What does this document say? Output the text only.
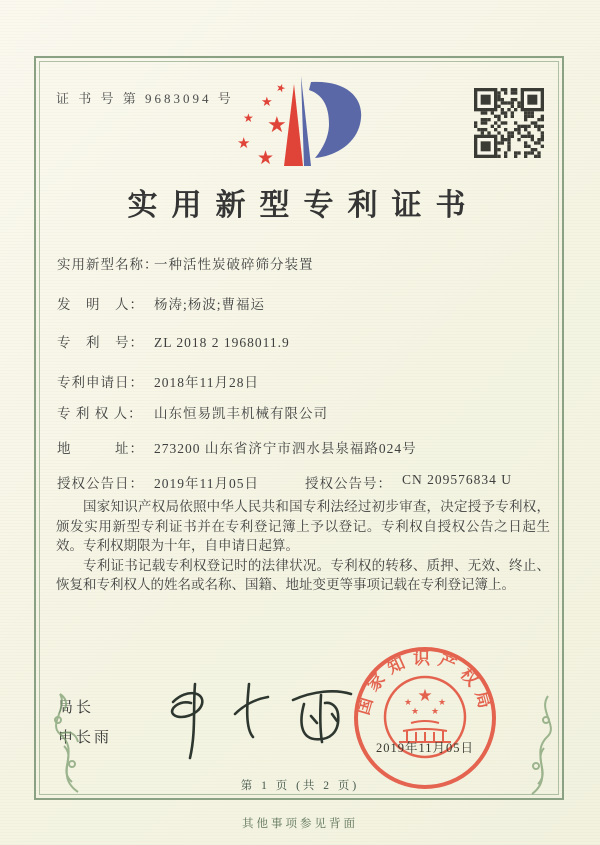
证 书 号 第 9683094 号
★
★
★ ★
★
★
实用新型专利证书
实用新型名称：一种活性炭破碎筛分装置
发　明　人： 杨涛;杨波;曹福运
专　利　号： ZL 2018 2 1968011.9
专利申请日： 2018年11月28日
专 利 权 人： 山东恒易凯丰机械有限公司
地　　　址： 273200 山东省济宁市泗水县泉福路024号
授权公告日： 2019年11月05日	授权公告号： CN 209576834 U

国家知识产权局依照中华人民共和国专利法经过初步审查，决定授予专利权，颁发实用新型专利证书并在专利登记簿上予以登记。专利权自授权公告之日起生效。专利权期限为十年，自申请日起算。

专利证书记载专利权登记时的法律状况。专利权的转移、质押、无效、终止、恢复和专利权人的姓名或名称、国籍、地址变更等事项记载在专利登记簿上。

局长
申长雨
国家知识产权局
★
★	★
★ ★
2019年11月05日
第 1 页 (共 2 页)
其他事项参见背面
